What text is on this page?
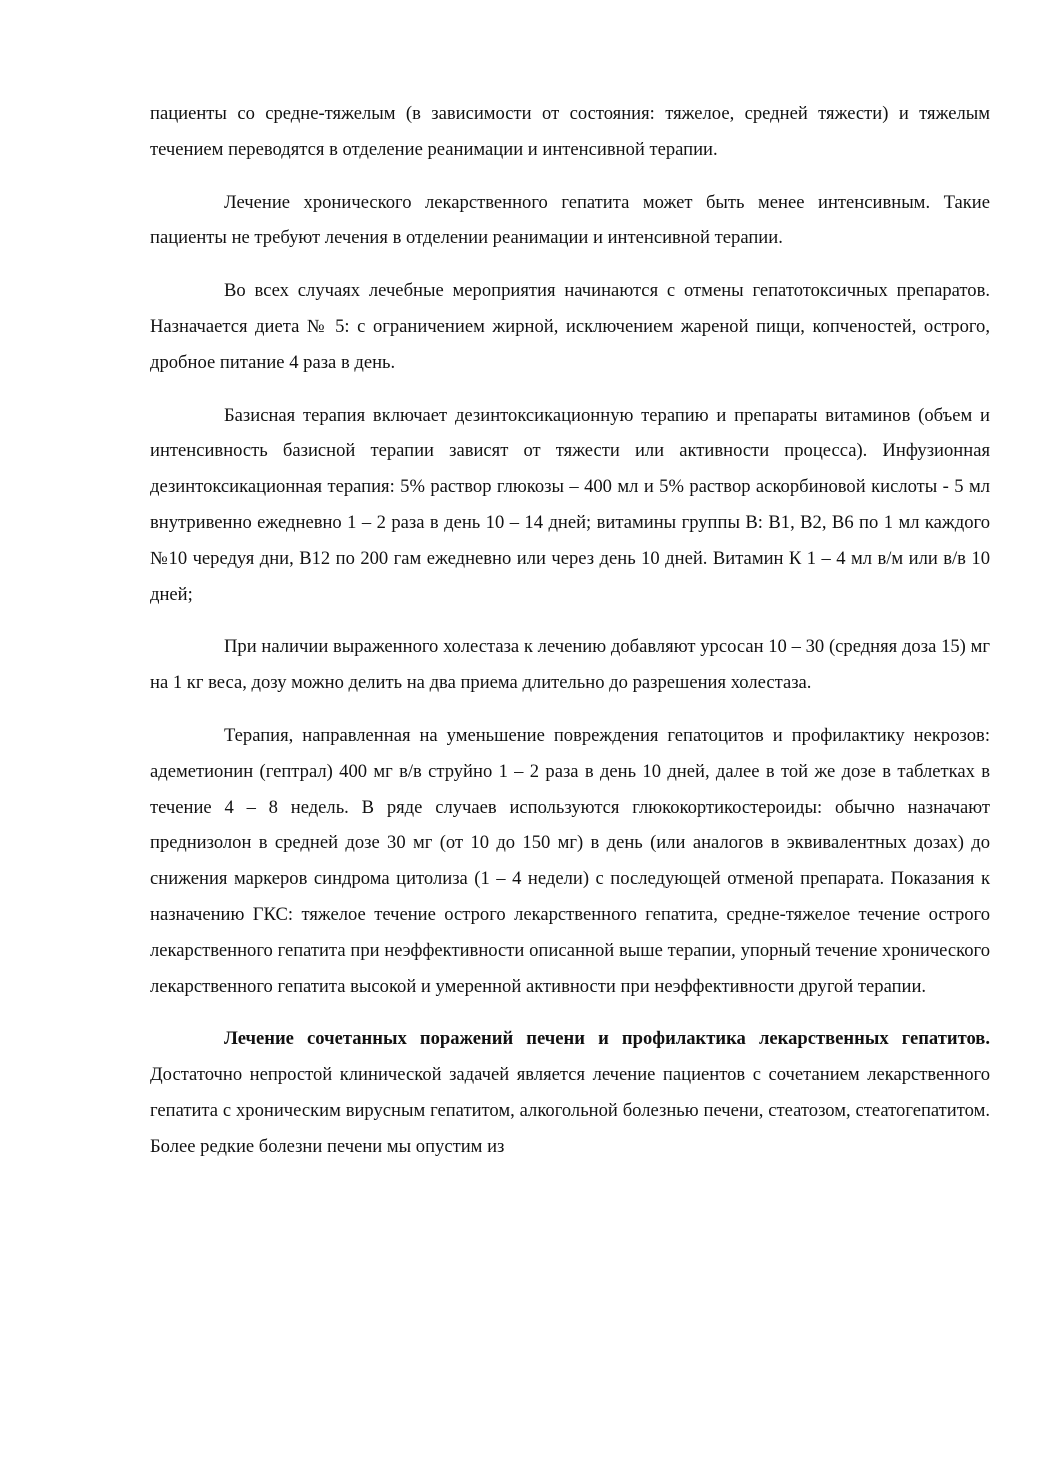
пациенты со средне-тяжелым (в зависимости от состояния: тяжелое, средней тяжести) и тяжелым течением переводятся в отделение реанимации и интенсивной терапии.

Лечение хронического лекарственного гепатита может быть менее интенсивным. Такие пациенты не требуют лечения в отделении реанимации и интенсивной терапии.

Во всех случаях лечебные мероприятия начинаются с отмены гепатотоксичных препаратов. Назначается диета № 5: с ограничением жирной, исключением жареной пищи, копченостей, острого, дробное питание 4 раза в день.

Базисная терапия включает дезинтоксикационную терапию и препараты витаминов (объем и интенсивность базисной терапии зависят от тяжести или активности процесса). Инфузионная дезинтоксикационная терапия: 5% раствор глюкозы – 400 мл и 5% раствор аскорбиновой кислоты - 5 мл внутривенно ежедневно 1 – 2 раза в день 10 – 14 дней; витамины группы В: В1, В2, В6 по 1 мл каждого №10 чередуя дни, В12 по 200 гам ежедневно или через день 10 дней. Витамин К 1 – 4 мл в/м или в/в 10 дней;

При наличии выраженного холестаза к лечению добавляют урсосан 10 – 30 (средняя доза 15) мг на 1 кг веса, дозу можно делить на два приема длительно до разрешения холестаза.

Терапия, направленная на уменьшение повреждения гепатоцитов и профилактику некрозов: адеметионин (гептрал) 400 мг в/в струйно 1 – 2 раза в день 10 дней, далее в той же дозе в таблетках в течение 4 – 8 недель. В ряде случаев используются глюкокортикостероиды: обычно назначают преднизолон в средней дозе 30 мг (от 10 до 150 мг) в день (или аналогов в эквивалентных дозах) до снижения маркеров синдрома цитолиза (1 – 4 недели) с последующей отменой препарата. Показания к назначению ГКС: тяжелое течение острого лекарственного гепатита, средне-тяжелое течение острого лекарственного гепатита при неэффективности описанной выше терапии, упорный течение хронического лекарственного гепатита высокой и умеренной активности при неэффективности другой терапии.

Лечение сочетанных поражений печени и профилактика лекарственных гепатитов. Достаточно непростой клинической задачей является лечение пациентов с сочетанием лекарственного гепатита с хроническим вирусным гепатитом, алкогольной болезнью печени, стеатозом, стеатогепатитом. Более редкие болезни печени мы опустим из
